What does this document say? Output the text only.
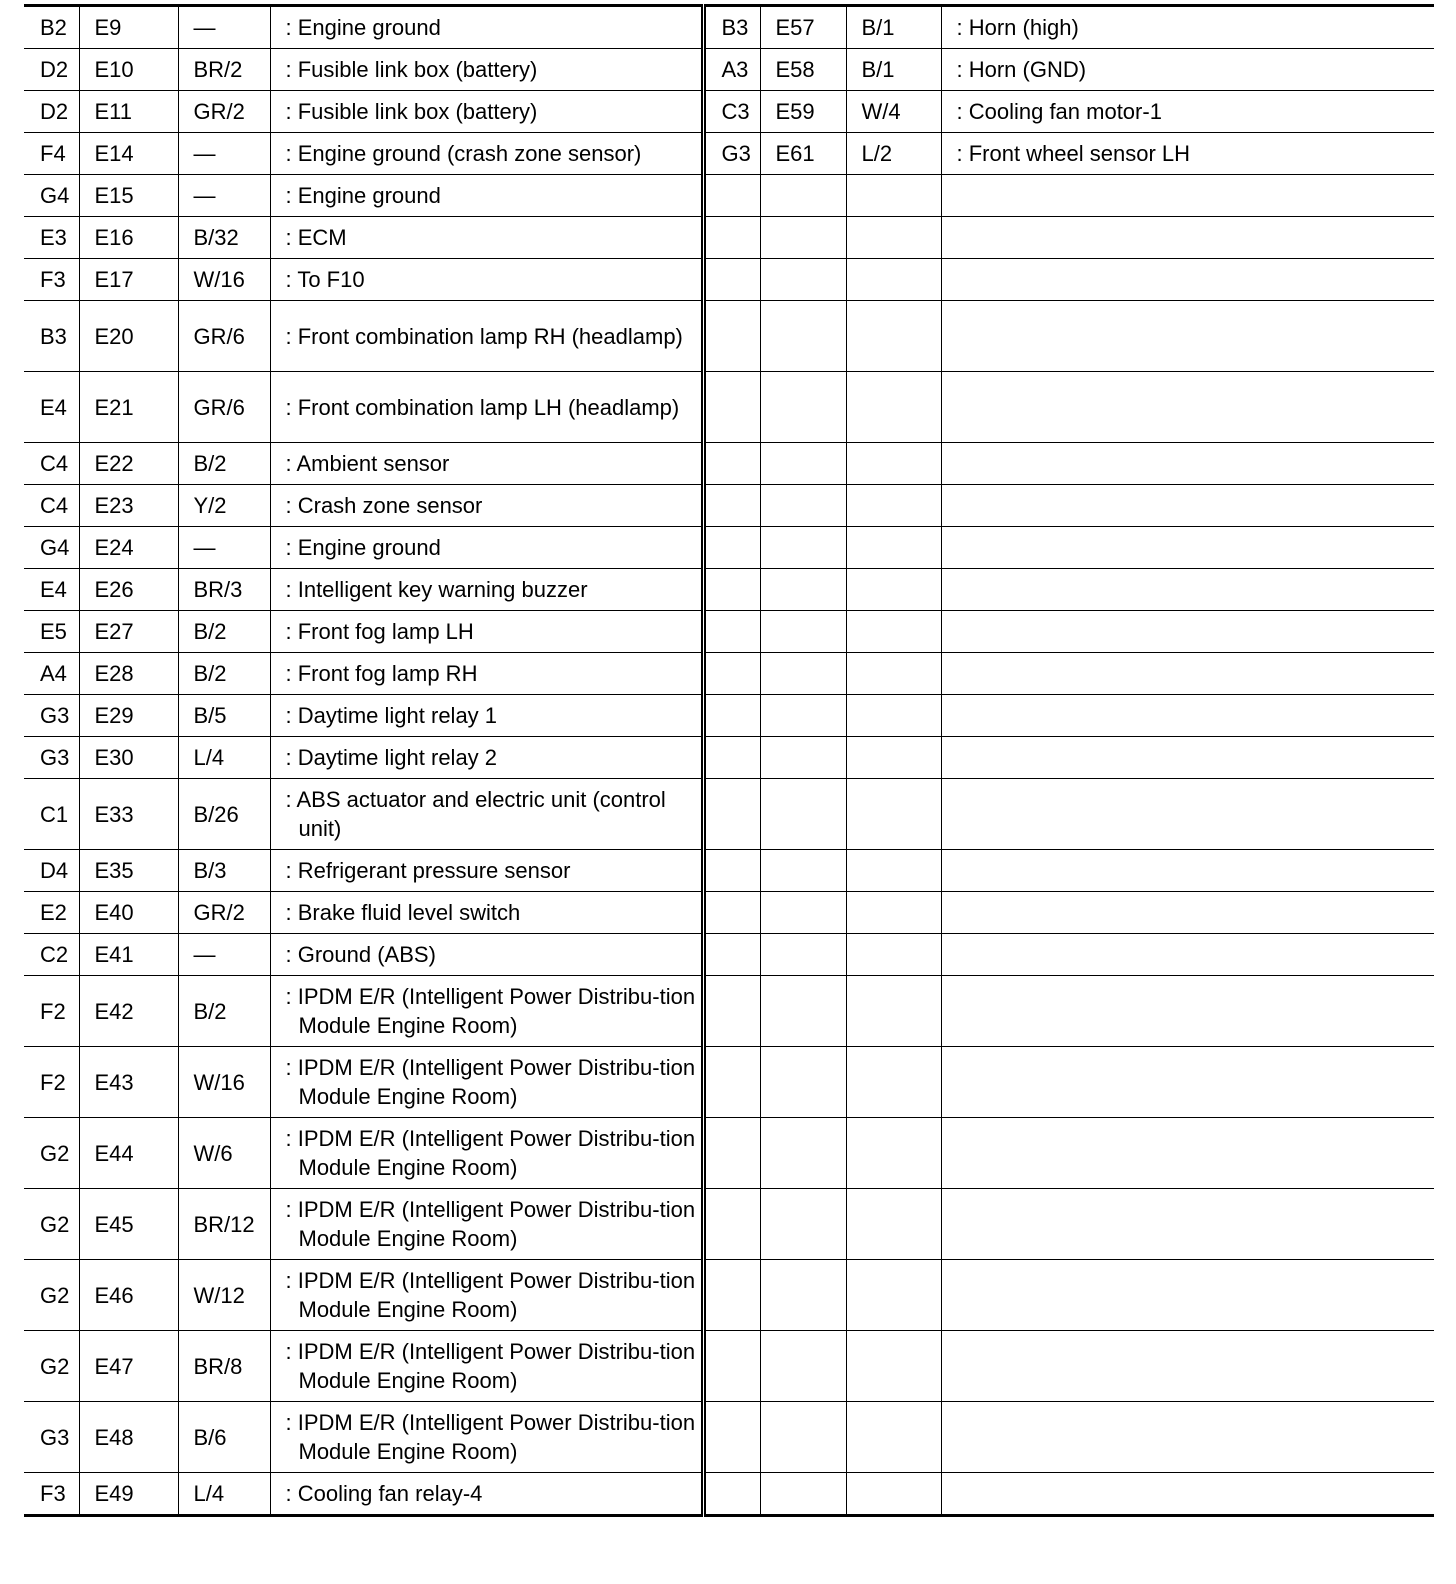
B2	E9	—	: Engine ground	B3	E57	B/1	: Horn (high)

D2	E10	BR/2	: Fusible link box (battery)	A3	E58	B/1	: Horn (GND)

D2	E11	GR/2	: Fusible link box (battery)	C3	E59	W/4	: Cooling fan motor-1

F4	E14	—	: Engine ground (crash zone sensor)	G3	E61	L/2	: Front wheel sensor LH

G4	E15	—	: Engine ground				

E3	E16	B/32	: ECM				

F3	E17	W/16	: To F10				

B3	E20	GR/6	: Front combination lamp RH (headlamp)				

E4	E21	GR/6	: Front combination lamp LH (headlamp)				

C4	E22	B/2	: Ambient sensor				

C4	E23	Y/2	: Crash zone sensor				

G4	E24	—	: Engine ground				

E4	E26	BR/3	: Intelligent key warning buzzer				

E5	E27	B/2	: Front fog lamp LH				

A4	E28	B/2	: Front fog lamp RH				

G3	E29	B/5	: Daytime light relay 1				

G3	E30	L/4	: Daytime light relay 2				

C1	E33	B/26	: ABS actuator and electric unit (control unit)				

D4	E35	B/3	: Refrigerant pressure sensor				

E2	E40	GR/2	: Brake fluid level switch				

C2	E41	—	: Ground (ABS)				

F2	E42	B/2	: IPDM E/R (Intelligent Power Distribu-tion Module Engine Room)				

F2	E43	W/16	: IPDM E/R (Intelligent Power Distribu-tion Module Engine Room)				

G2	E44	W/6	: IPDM E/R (Intelligent Power Distribu-tion Module Engine Room)				

G2	E45	BR/12	: IPDM E/R (Intelligent Power Distribu-tion Module Engine Room)				

G2	E46	W/12	: IPDM E/R (Intelligent Power Distribu-tion Module Engine Room)				

G2	E47	BR/8	: IPDM E/R (Intelligent Power Distribu-tion Module Engine Room)				

G3	E48	B/6	: IPDM E/R (Intelligent Power Distribu-tion Module Engine Room)				

F3	E49	L/4	: Cooling fan relay-4				
